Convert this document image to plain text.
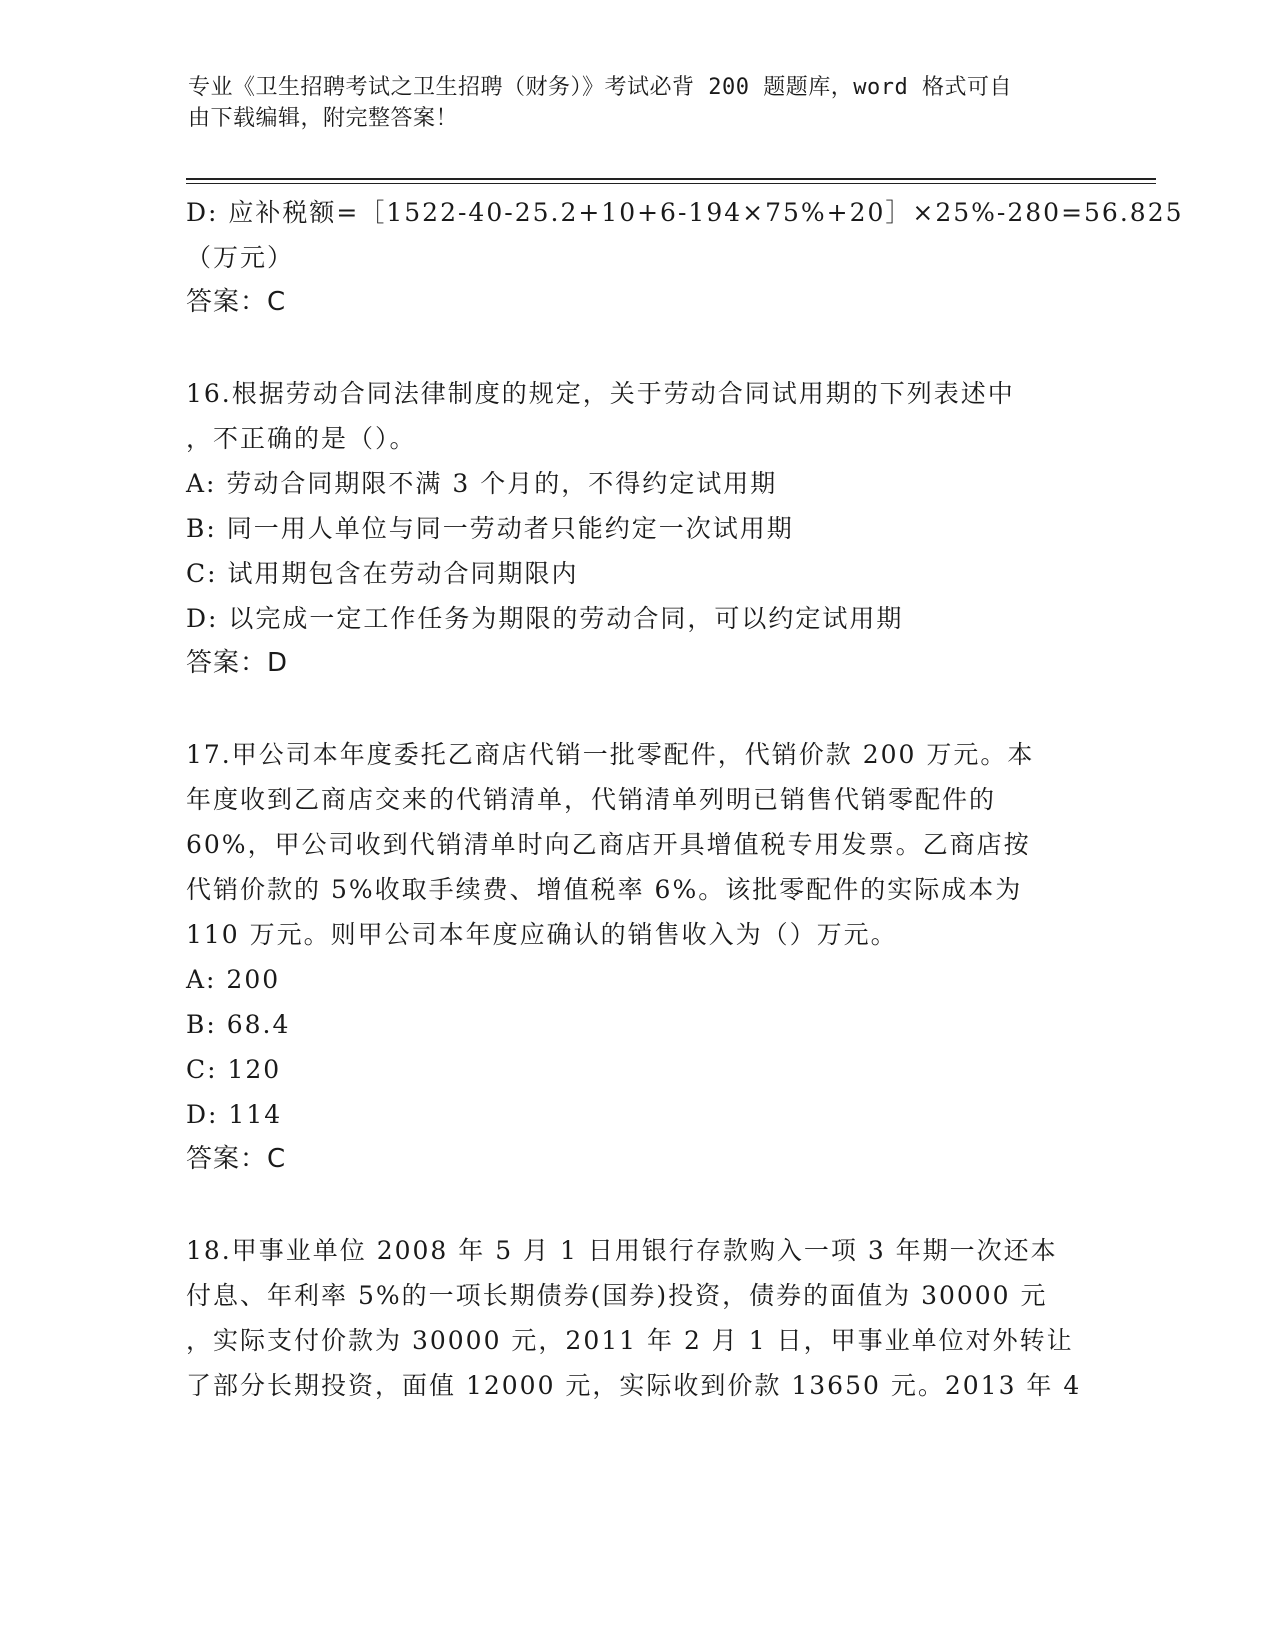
专业《卫生招聘考试之卫生招聘（财务）》考试必背 200 题题库，word 格式可自
由下载编辑，附完整答案！
D: 应补税额=［1522-40-25.2+10+6-194×75%+20］×25%-280=56.825
（万元）
答案：C
16.根据劳动合同法律制度的规定，关于劳动合同试用期的下列表述中
，不正确的是（）。
A: 劳动合同期限不满 3 个月的，不得约定试用期
B: 同一用人单位与同一劳动者只能约定一次试用期
C: 试用期包含在劳动合同期限内
D: 以完成一定工作任务为期限的劳动合同，可以约定试用期
答案：D
17.甲公司本年度委托乙商店代销一批零配件，代销价款 200 万元。本
年度收到乙商店交来的代销清单，代销清单列明已销售代销零配件的
60%，甲公司收到代销清单时向乙商店开具增值税专用发票。乙商店按
代销价款的 5%收取手续费、增值税率 6%。该批零配件的实际成本为
110 万元。则甲公司本年度应确认的销售收入为（）万元。
A: 200
B: 68.4
C: 120
D: 114
答案：C
18.甲事业单位 2008 年 5 月 1 日用银行存款购入一项 3 年期一次还本
付息、年利率 5%的一项长期债券(国券)投资，债券的面值为 30000 元
，实际支付价款为 30000 元，2011 年 2 月 1 日，甲事业单位对外转让
了部分长期投资，面值 12000 元，实际收到价款 13650 元。2013 年 4
